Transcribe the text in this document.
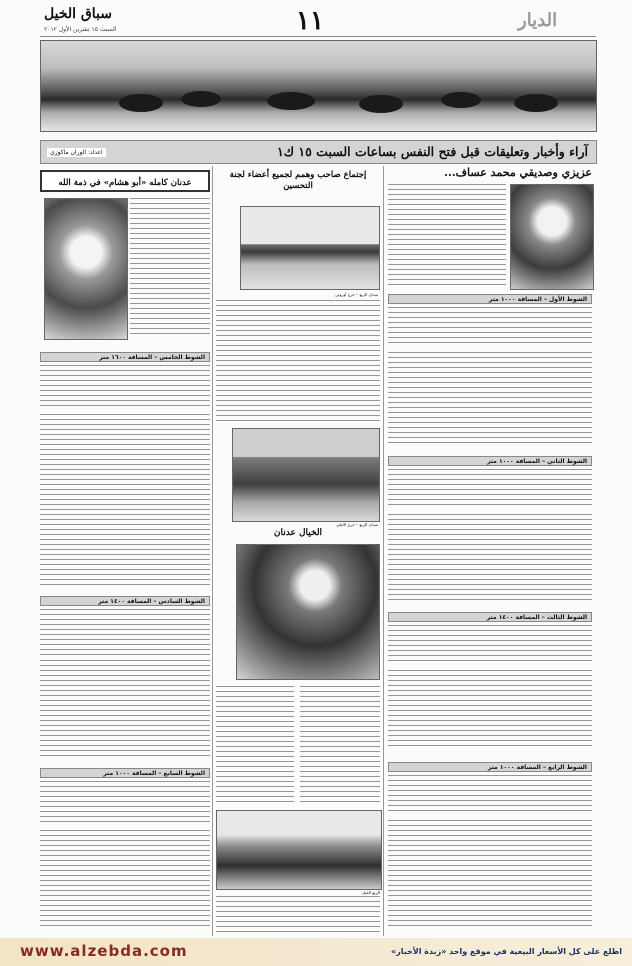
الديار
١١
سباق الخيل
السبت ١٥ تشرين الأول ٢٠١٢
آراء وأخبار وتعليقات قبل فتح النفس بساعات السبت ١٥ ك١
اعداد: الوران ماكوزي
عزيزي وصديقي محمد عساف...
الشوط الأول – المسافة ١٠٠٠ متر
الشوط الثاني – المسافة ١٠٠٠ متر
الشوط الثالث – المسافة ١٤٠٠ متر
الشوط الرابع – المسافة ١٠٠٠ متر
إجتماع صاحب وهمم لجميع أعضاء لجنة التحسين
ميدان الزبع – خرج أوروبي
ميدان الزبع – خرج الابتلي
الخيال عدنان
الزبع الخيل
عدنان كامله «أبو هشام» في ذمة الله
الشوط الخامس – المسافة ١٦٠٠ متر
الشوط السادس – المسافة ١٤٠٠ متر
الشوط السابع – المسافة ١٠٠٠ متر
www.alzebda.com	اطلع على كل الأسعار البيعية في موقع واحد «زبدة الأخبار»
